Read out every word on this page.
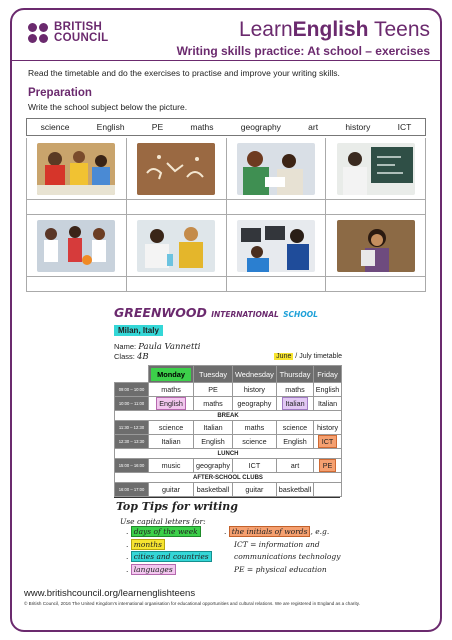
BRITISH
COUNCIL	LearnEnglish Teens
Writing skills practice: At school – exercises
Read the timetable and do the exercises to practise and improve your writing skills.
Preparation
Write the school subject below the picture.
science	English	PE	maths	geography	art	history	ICT
GREENWOOD INTERNATIONAL SCHOOL
Milan, Italy
Name: Paula Vannetti
Class: 4B	June / July timetable
	Monday	Tuesday	Wednesday	Thursday	Friday
09:00 – 10:00	maths	PE	history	maths	English
10:00 – 11:00	English	maths	geography	Italian	Italian
BREAK					
11:30 – 12:30	science	Italian	maths	science	history
12:30 – 13:30	Italian	English	science	English	ICT
LUNCH					
15:00 – 16:00	music	geography	ICT	art	PE
AFTER-SCHOOL CLUBS					
16:00 – 17:00	guitar	basketball	guitar	basketball	
Top Tips for writing
Use capital letters for:
. days of the week
. months
. cities and countries
. languages
. the initials of words , e.g.
ICT = information and
communications technology
PE = physical education
www.britishcouncil.org/learnenglishteens
© British Council, 2016 The United Kingdom's international organisation for educational opportunities and cultural relations. We are registered in England as a charity.
